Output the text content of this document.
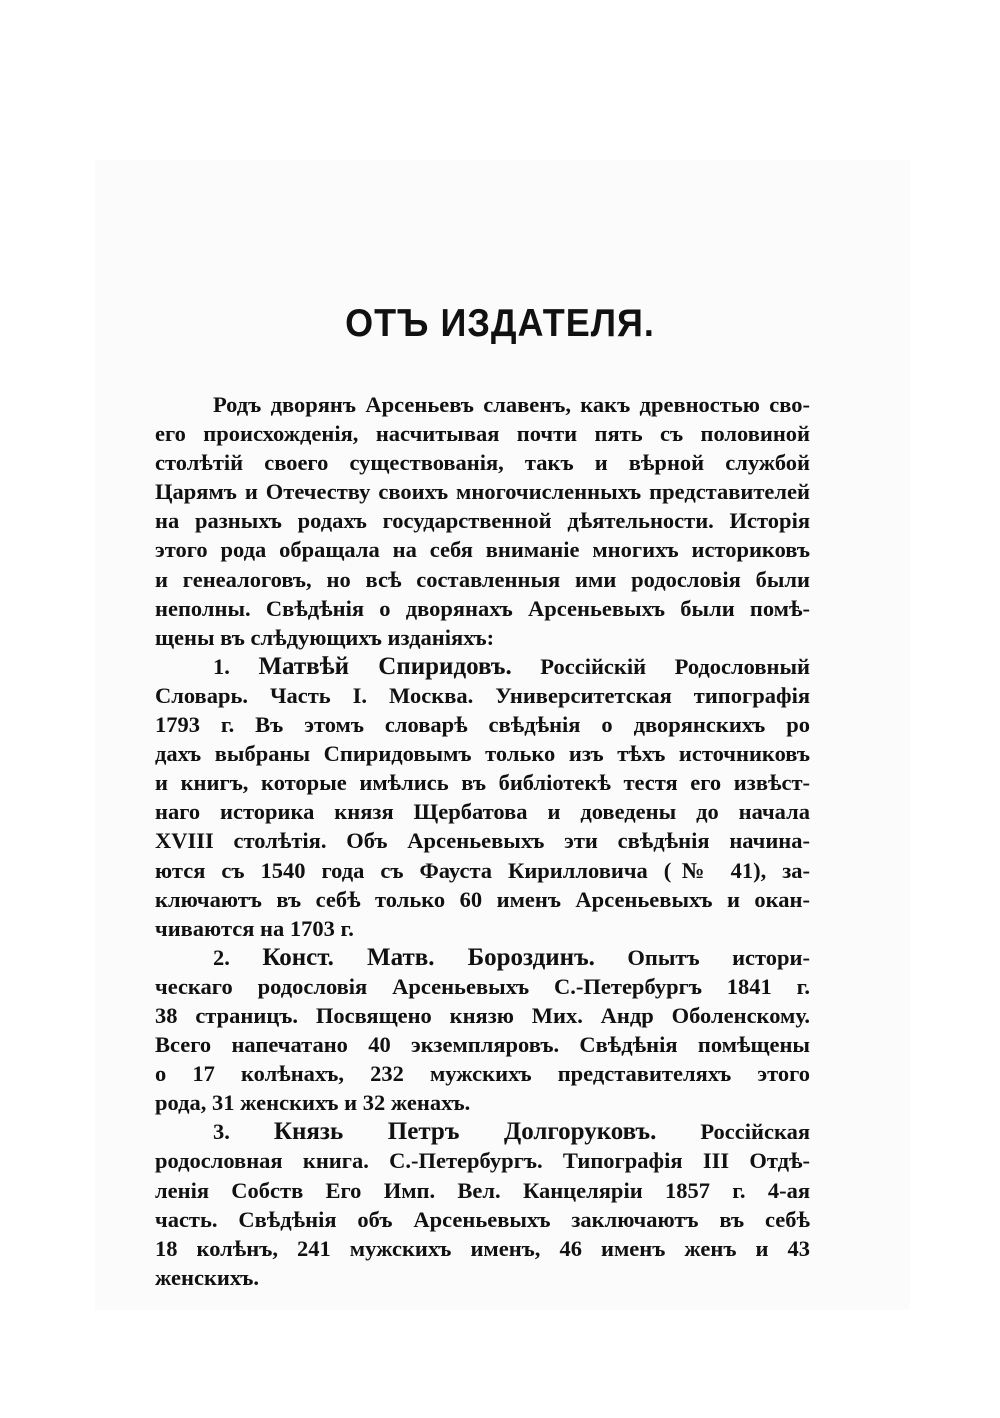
ОТЪ ИЗДАТЕЛЯ.
Родъ дворянъ Арсеньевъ славенъ, какъ древностью сво-
его происхожденія, насчитывая почти пять съ половиной
столѣтій своего существованія, такъ и вѣрной службой
Царямъ и Отечеству своихъ многочисленныхъ представителей
на разныхъ родахъ государственной дѣятельности. Исторія
этого рода обращала на себя вниманіе многихъ историковъ
и генеалоговъ, но всѣ составленныя ими родословія были
неполны. Свѣдѣнія о дворянахъ Арсеньевыхъ были помѣ-
щены въ слѣдующихъ изданіяхъ:
1. Матвѣй Спиридовъ. Россійскій Родословный
Словарь. Часть I. Москва. Университетская типографія
1793 г. Въ этомъ словарѣ свѣдѣнія о дворянскихъ ро
дахъ выбраны Спиридовымъ только изъ тѣхъ источниковъ
и книгъ, которые имѣлись въ библіотекѣ тестя его извѣст-
наго историка князя Щербатова и доведены до начала
XVIII столѣтія. Объ Арсеньевыхъ эти свѣдѣнія начина-
ются съ 1540 года съ Фауста Кирилловича (№ 41), за-
ключаютъ въ себѣ только 60 именъ Арсеньевыхъ и окан-
чиваются на 1703 г.
2. Конст. Матв. Бороздинъ. Опытъ истори-
ческаго родословія Арсеньевыхъ С.-Петербургъ 1841 г.
38 страницъ. Посвящено князю Мих. Андр Оболенскому.
Всего напечатано 40 экземпляровъ. Свѣдѣнія помѣщены
о 17 колѣнахъ, 232 мужскихъ представителяхъ этого
рода, 31 женскихъ и 32 женахъ.
3. Князь Петръ Долгоруковъ. Россійская
родословная книга. С.-Петербургъ. Типографія III Отдѣ-
ленія Собств Его Имп. Вел. Канцеляріи 1857 г. 4-ая
часть. Свѣдѣнія объ Арсеньевыхъ заключаютъ въ себѣ
18 колѣнъ, 241 мужскихъ именъ, 46 именъ женъ и 43
женскихъ.
